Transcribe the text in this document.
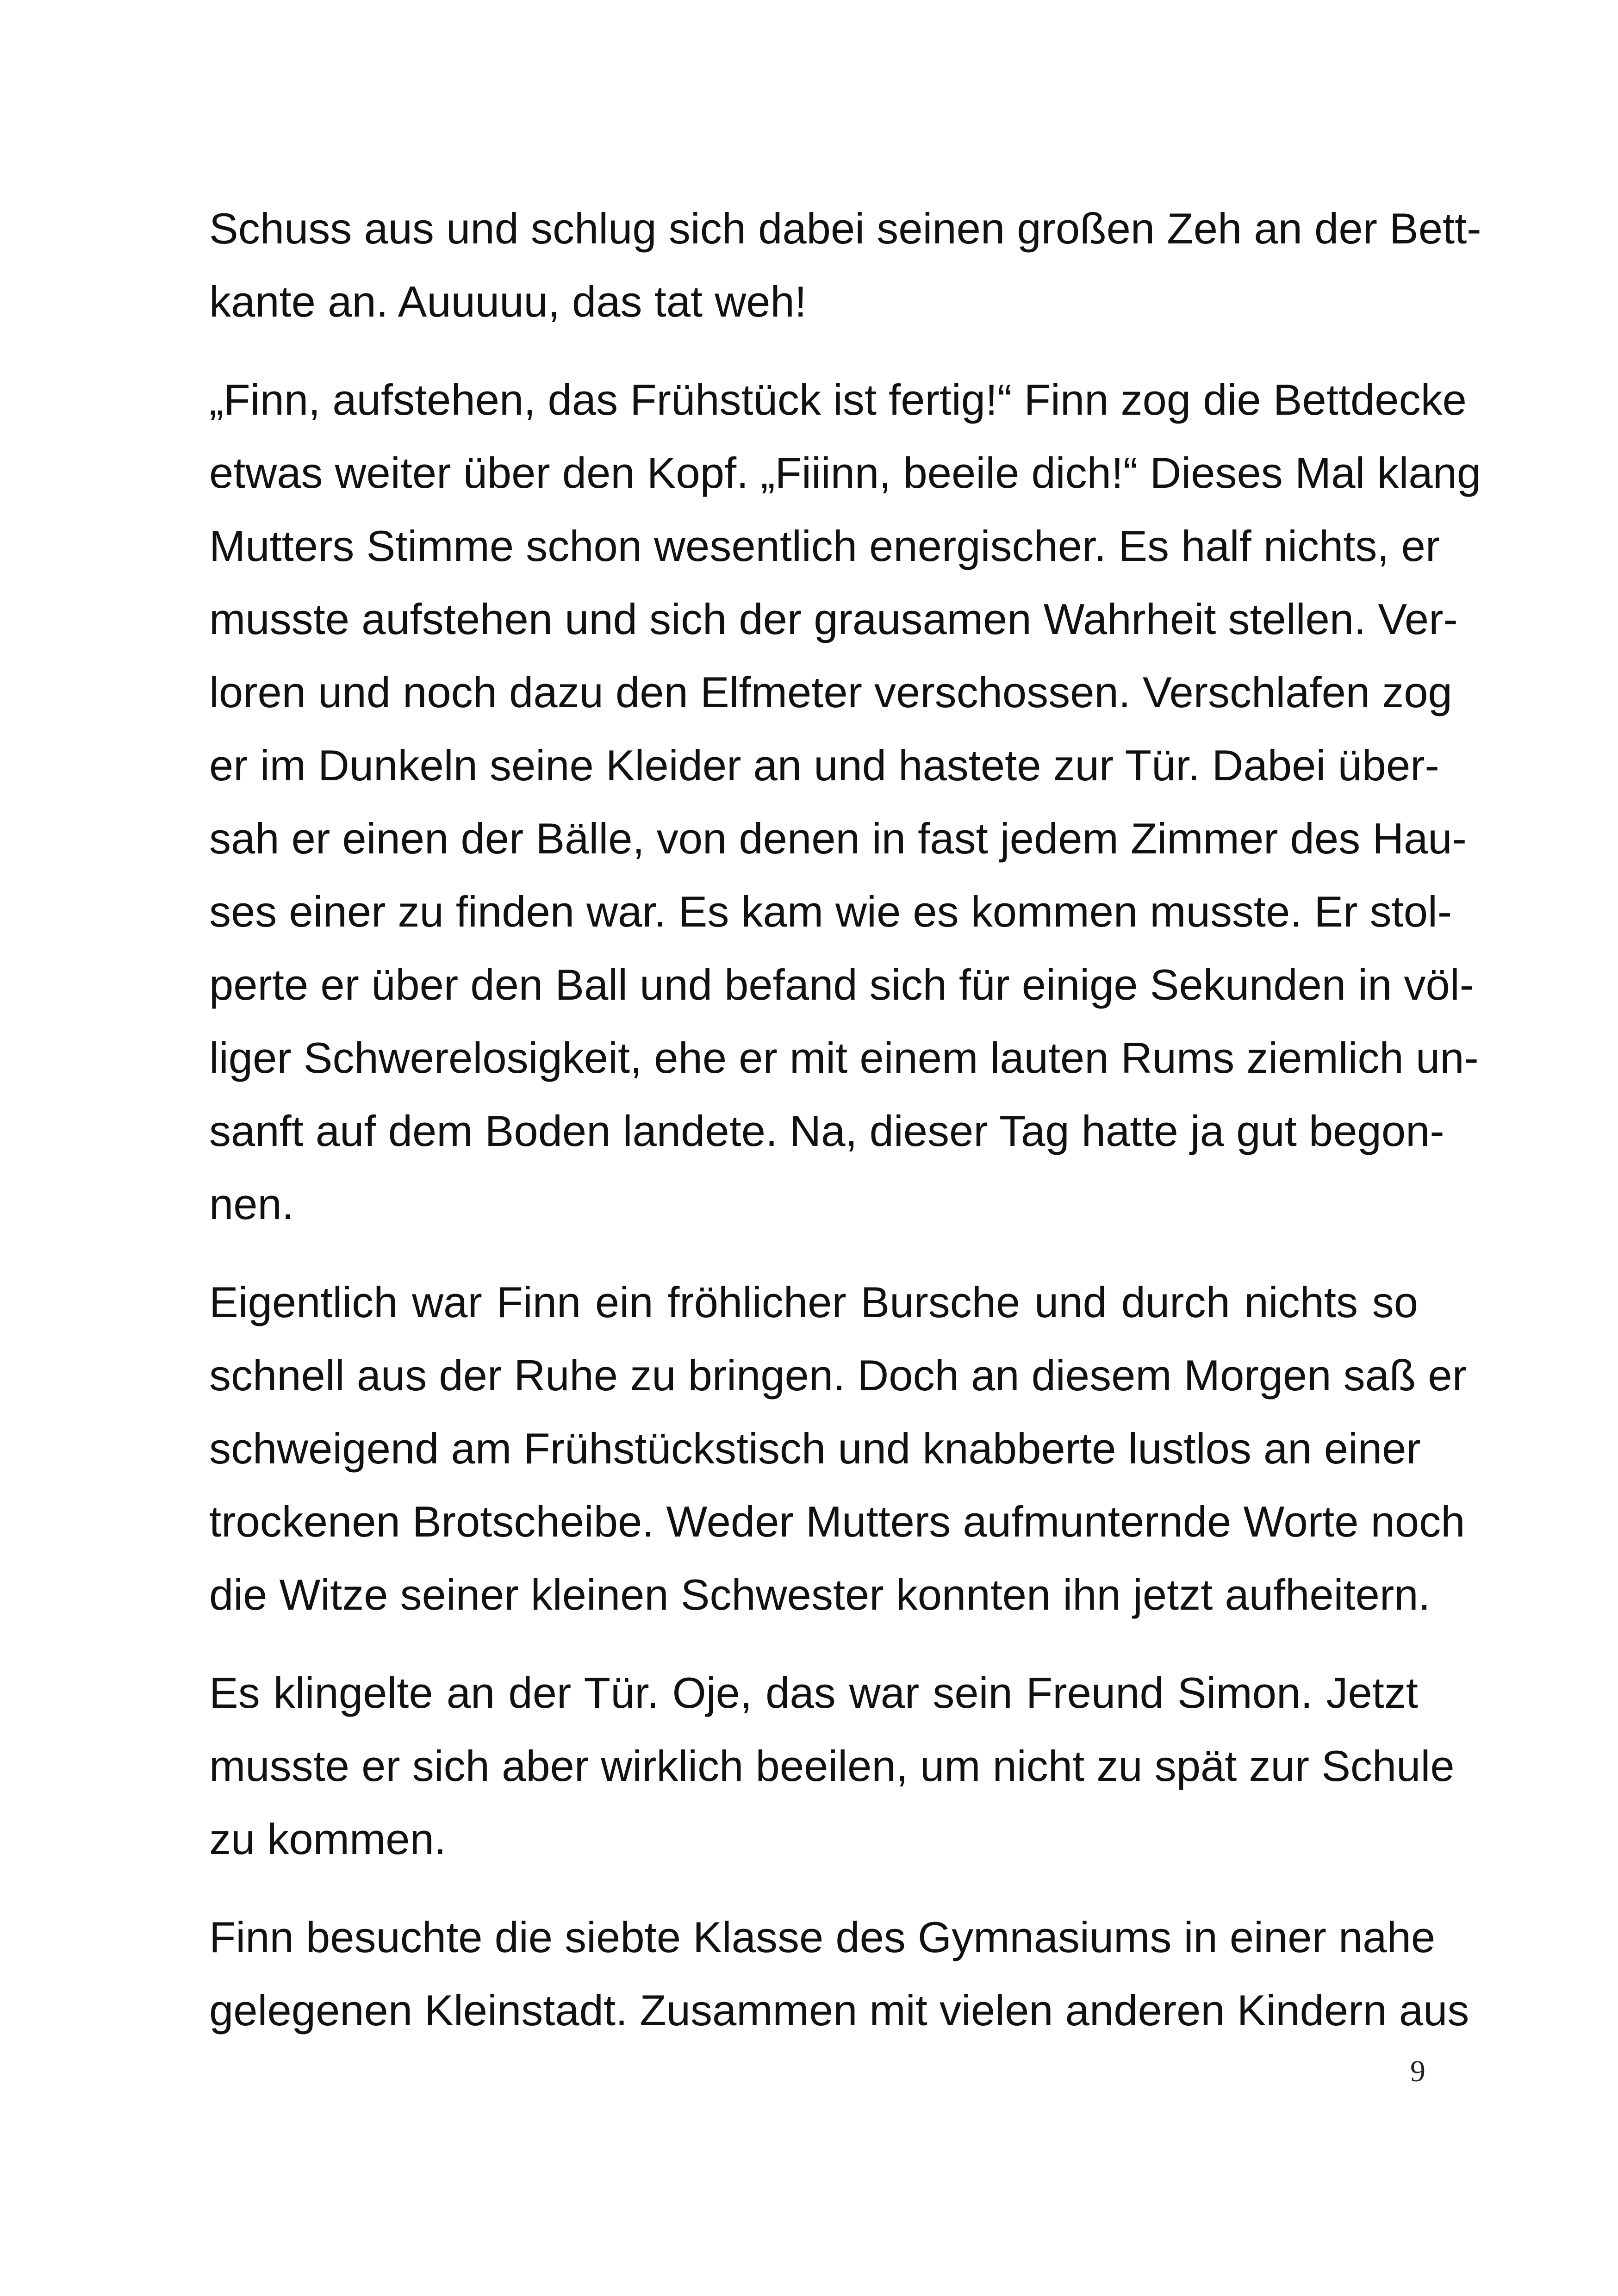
Schuss aus und schlug sich dabei seinen großen Zeh an der Bett-
kante an. Auuuuu, das tat weh!

„Finn, aufstehen, das Frühstück ist fertig!“ Finn zog die Bettdecke
etwas weiter über den Kopf. „Fiiinn, beeile dich!“ Dieses Mal klang
Mutters Stimme schon wesentlich energischer. Es half nichts, er
musste aufstehen und sich der grausamen Wahrheit stellen. Ver-
loren und noch dazu den Elfmeter verschossen. Verschlafen zog
er im Dunkeln seine Kleider an und hastete zur Tür. Dabei über-
sah er einen der Bälle, von denen in fast jedem Zimmer des Hau-
ses einer zu finden war. Es kam wie es kommen musste. Er stol-
perte er über den Ball und befand sich für einige Sekunden in völ-
liger Schwerelosigkeit, ehe er mit einem lauten Rums ziemlich un-
sanft auf dem Boden landete. Na, dieser Tag hatte ja gut begon-
nen.

Eigentlich war Finn ein fröhlicher Bursche und durch nichts so
schnell aus der Ruhe zu bringen. Doch an diesem Morgen saß er
schweigend am Frühstückstisch und knabberte lustlos an einer
trockenen Brotscheibe. Weder Mutters aufmunternde Worte noch
die Witze seiner kleinen Schwester konnten ihn jetzt aufheitern.

Es klingelte an der Tür. Oje, das war sein Freund Simon. Jetzt
musste er sich aber wirklich beeilen, um nicht zu spät zur Schule
zu kommen.

Finn besuchte die siebte Klasse des Gymnasiums in einer nahe
gelegenen Kleinstadt. Zusammen mit vielen anderen Kindern aus

9
